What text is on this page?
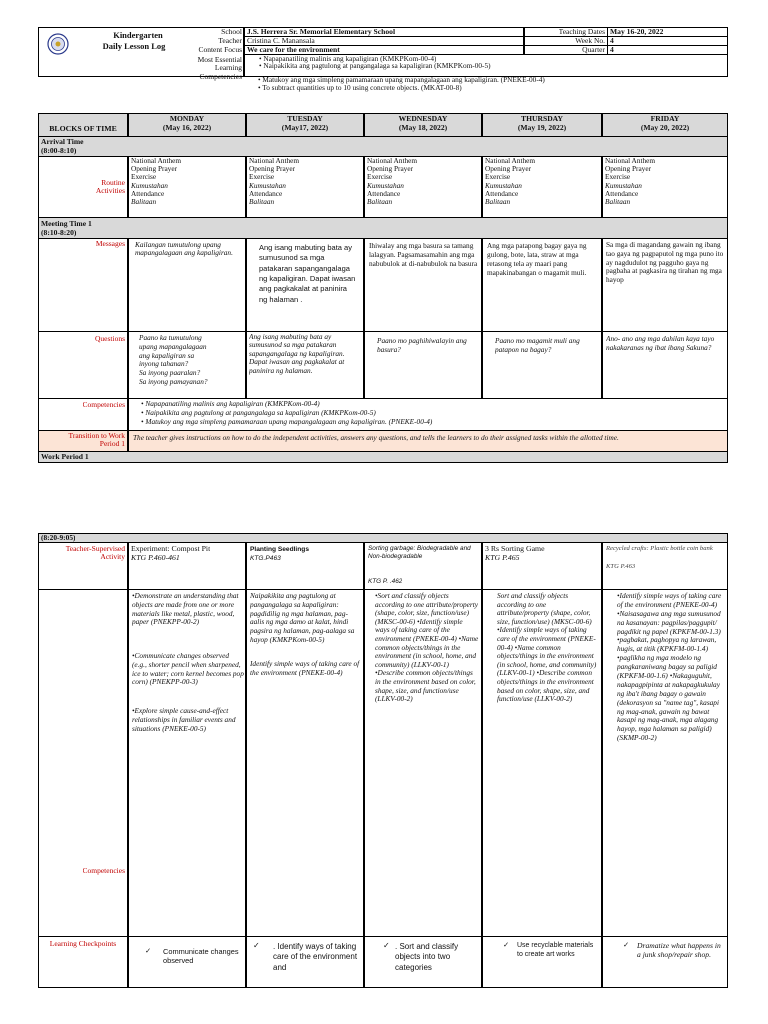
Kindergarten
Daily Lesson Log
School
Teacher
Content Focus
Most Essential Learning Competencies
J.S. Herrera Sr. Memorial Elementary School
Cristina C. Manansala
We care for the environment
• Napapanatiling malinis ang kapaligiran (KMKPKom-00-4)
• Naipakikita ang pagtulong at pangangalaga sa kapaligiran (KMKPKom-00-5)
• Matukoy ang mga simpleng pamamaraan upang mapangalagaan ang kapaligiran. (PNEKE-00-4)
• To subtract quantities up to 10 using concrete objects. (MKAT-00-8)
Teaching Dates May 16-20, 2022
Week No. 4
Quarter 4
BLOCKS OF TIME
MONDAY
(May 16, 2022)
TUESDAY
(May17, 2022)
WEDNESDAY
(May 18, 2022)
THURSDAY
(May 19, 2022)
FRIDAY
(May 20, 2022)
Arrival Time
(8:00-8:10)
Routine Activities
National Anthem
Opening Prayer
Exercise
Kumustahan
Attendance
Balitaan
National Anthem
Opening Prayer
Exercise
Kumustahan
Attendance
Balitaan
National Anthem
Opening Prayer
Exercise
Kumustahan
Attendance
Balitaan
National Anthem
Opening Prayer
Exercise
Kumustahan
Attendance
Balitaan
National Anthem
Opening Prayer
Exercise
Kumustahan
Attendance
Balitaan
Meeting Time 1
(8:10-8:20)
Messages Kailangan tumutulong upang mapangalagaan ang kapaligiran.
Ang isang mabuting bata ay sumusunod sa mga patakaran sapangangalaga ng kapaligiran. Dapat iwasan ang pagkakalat at paninira ng halaman .
Ihiwalay ang mga basura sa tamang lalagyan. Pagsamasamahin ang mga nabubulok at di-nabubulok na basura
Ang mga patapong bagay gaya ng gulong, bote, lata, straw at mga retasong tela ay maari pang mapakinabangan o magamit muli.
Sa mga di magandang gawain ng ibang tao gaya ng pagpaputol ng mga puno ito ay nagdudulot ng pagguho gaya ng pagbaha at pagkasira ng tirahan ng mga hayop
Questions Paano ka tumutulong
upang mapangalagaan
ang kapaligiran sa
inyong tahanan?
Sa inyong paaralan?
Sa inyong pamayanan?
Ang isang mabuting bata ay sumusunod sa mga patakaran sapangangalaga ng kapaligiran. Dapat iwasan ang pagkakalat at paninira ng halaman.
Paano mo paghihiwalayin ang basura?
Paano mo magamit muli ang patapon na bagay?
Ano- ano ang mga dahilan kaya tayo nakakaranas ng ibat ibang Sakuna?
Competencies • Napapanatiling malinis ang kapaligiran (KMKPKom-00-4)
• Naipakikita ang pagtulong at pangangalaga sa kapaligiran (KMKPKom-00-5)
• Matukoy ang mga simpleng pamamaraan upang mapangalagaan ang kapaligiran. (PNEKE-00-4)
Transition to Work Period 1
The teacher gives instructions on how to do the independent activities, answers any questions, and tells the learners to do their assigned tasks within the allotted time.
Work Period 1
(8:20-9:05)
Teacher-Supervised Activity
Experiment: Compost Pit
KTG P.460-461
Planting Seedlings
KTG.P463
Sorting garbage: Biodegradable and Non-biodegradable
KTG P. .462
3 Rs Sorting Game
KTG P.465
Recycled crafts: Plastic bottle coin bank
KTG P.463
Competencies
•Demonstrate an understanding that objects are made from one or more materials like metal, plastic, wood, paper (PNEKPP-00-2)
•Communicate changes observed (e.g., shorter pencil when sharpened, ice to water; corn kernel becomes pop corn) (PNEKPP-00-3)
•Explore simple cause-and-effect relationships in familiar events and situations (PNEKE-00-5)
Naipakikita ang pagtulong at pangangalaga sa kapaligiran: pagdidilig ng mga halaman, pag-aalis ng mga damo at kalat, hindi pagsira ng halaman, pag-aalaga sa hayop (KMKPKom-00-5)
Identify simple ways of taking care of the environment (PNEKE-00-4)
•Sort and classify objects according to one attribute/property (shape, color, size, function/use) (MKSC-00-6) •Identify simple ways of taking care of the environment (PNEKE-00-4) •Name common objects/things in the environment (in school, home, and community) (LLKV-00-1) •Describe common objects/things in the environment based on color, shape, size, and function/use (LLKV-00-2)
Sort and classify objects according to one attribute/property (shape, color, size, function/use) (MKSC-00-6) •Identify simple ways of taking care of the environment (PNEKE-00-4) •Name common objects/things in the environment (in school, home, and community) (LLKV-00-1) •Describe common objects/things in the environment based on color, shape, size, and function/use (LLKV-00-2)
•Identify simple ways of taking care of the environment (PNEKE-00-4) •Naisasagawa ang mga sumusunod na kasanayan: pagpilas/paggupit/ pagdikit ng papel (KPKFM-00-1.3) •pagbakat, paghopya ng larawan, hugis, at titik (KPKFM-00-1.4) •paglikha ng mga modelo ng pangkaraniwang bagay sa paligid (KPKFM-00-1.6) •Nakaguguhit, nakapagpipinta at nakapagkukulay ng iba't ibang bagay o gawain (dekorasyon sa "name tag", kasapi ng mag-anak, gawain ng bawat kasapi ng mag-anak, mga alagang hayop, mga halaman sa paligid) (SKMP-00-2)
Learning Checkpoints
✓ Communicate changes observed
✓ . Identify ways of taking care of the environment and
✓ . Sort and classify objects into two categories
✓ Use recyclable materials to create art works
✓ Dramatize what happens in a junk shop/repair shop.
